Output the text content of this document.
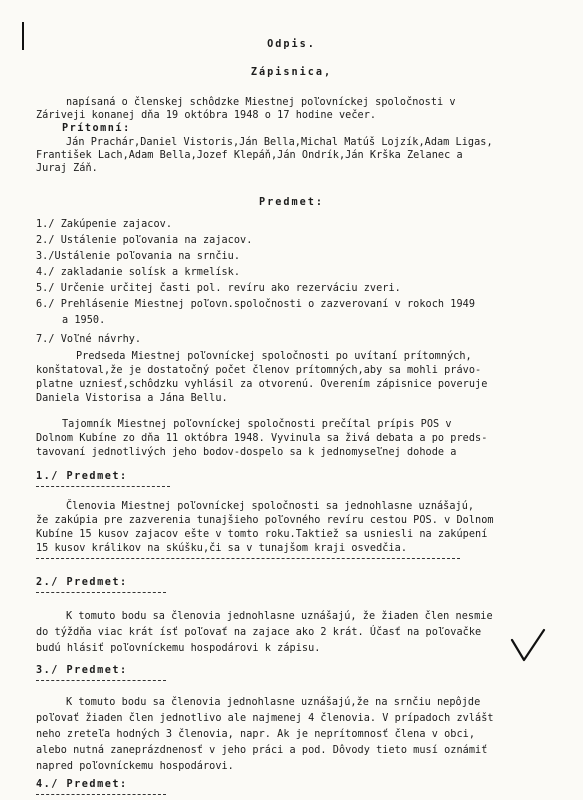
Odpis.
Zápisnica,
napísaná o členskej schôdzke Miestnej poľovníckej spoločnosti v
Záriveji konanej dňa 19 októbra 1948 o 17 hodine večer.
Prítomní:
Ján Prachár,Daniel Vistoris,Ján Bella,Michal Matúš Lojzík,Adam Ligas,
František Lach,Adam Bella,Jozef Klepáň,Ján Ondrík,Ján Krška Zelanec a
Juraj Záň.
Predmet:
1./ Zakúpenie zajacov.
2./ Ustálenie poľovania na zajacov.
3./Ustálenie poľovania na srnčiu.
4./ zakladanie solísk a krmelísk.
5./ Určenie určitej časti pol. revíru ako rezerváciu zveri.
6./ Prehlásenie Miestnej poľovn.spoločnosti o zazverovaní v rokoch 1949
a 1950.
7./ Voľné návrhy.
Predseda Miestnej poľovníckej spoločnosti po uvítaní prítomných,
konštatoval,že je dostatočný počet členov prítomných,aby sa mohli právo-
platne uzniesť,schôdzku vyhlásil za otvorenú. Overením zápisnice poveruje
Daniela Vistorisa a Jána Bellu.
Tajomník Miestnej poľovníckej spoločnosti prečítal prípis POS v
Dolnom Kubíne zo dňa 11 októbra 1948. Vyvinula sa živá debata a po preds-
tavovaní jednotlivých jeho bodov-dospelo sa k jednomyseľnej dohode a
1./ Predmet:
Členovia Miestnej poľovníckej spoločnosti sa jednohlasne uznášajú,
že zakúpia pre zazverenia tunajšieho poľovného revíru cestou POS. v Dolnom
Kubíne 15 kusov zajacov ešte v tomto roku.Taktiež sa usniesli na zakúpení
15 kusov králikov na skúšku,či sa v tunajšom kraji osvedčia.
2./ Predmet:
K tomuto bodu sa členovia jednohlasne uznášajú, že žiaden člen nesmie
do týždňa viac krát ísť poľovať na zajace ako 2 krát. Účasť na poľovačke
budú hlásiť poľovníckemu hospodárovi k zápisu.
3./ Predmet:
K tomuto bodu sa členovia jednohlasne uznášajú,že na srnčiu nepôjde
poľovať žiaden člen jednotlivo ale najmenej 4 členovia. V prípadoch zvlášt
neho zreteľa hodných 3 členovia, napr. Ak je neprítomnosť člena v obci,
alebo nutná zaneprázdnenosť v jeho práci a pod. Dôvody tieto musí oznámiť
napred poľovníckemu hospodárovi.
4./ Predmet:
